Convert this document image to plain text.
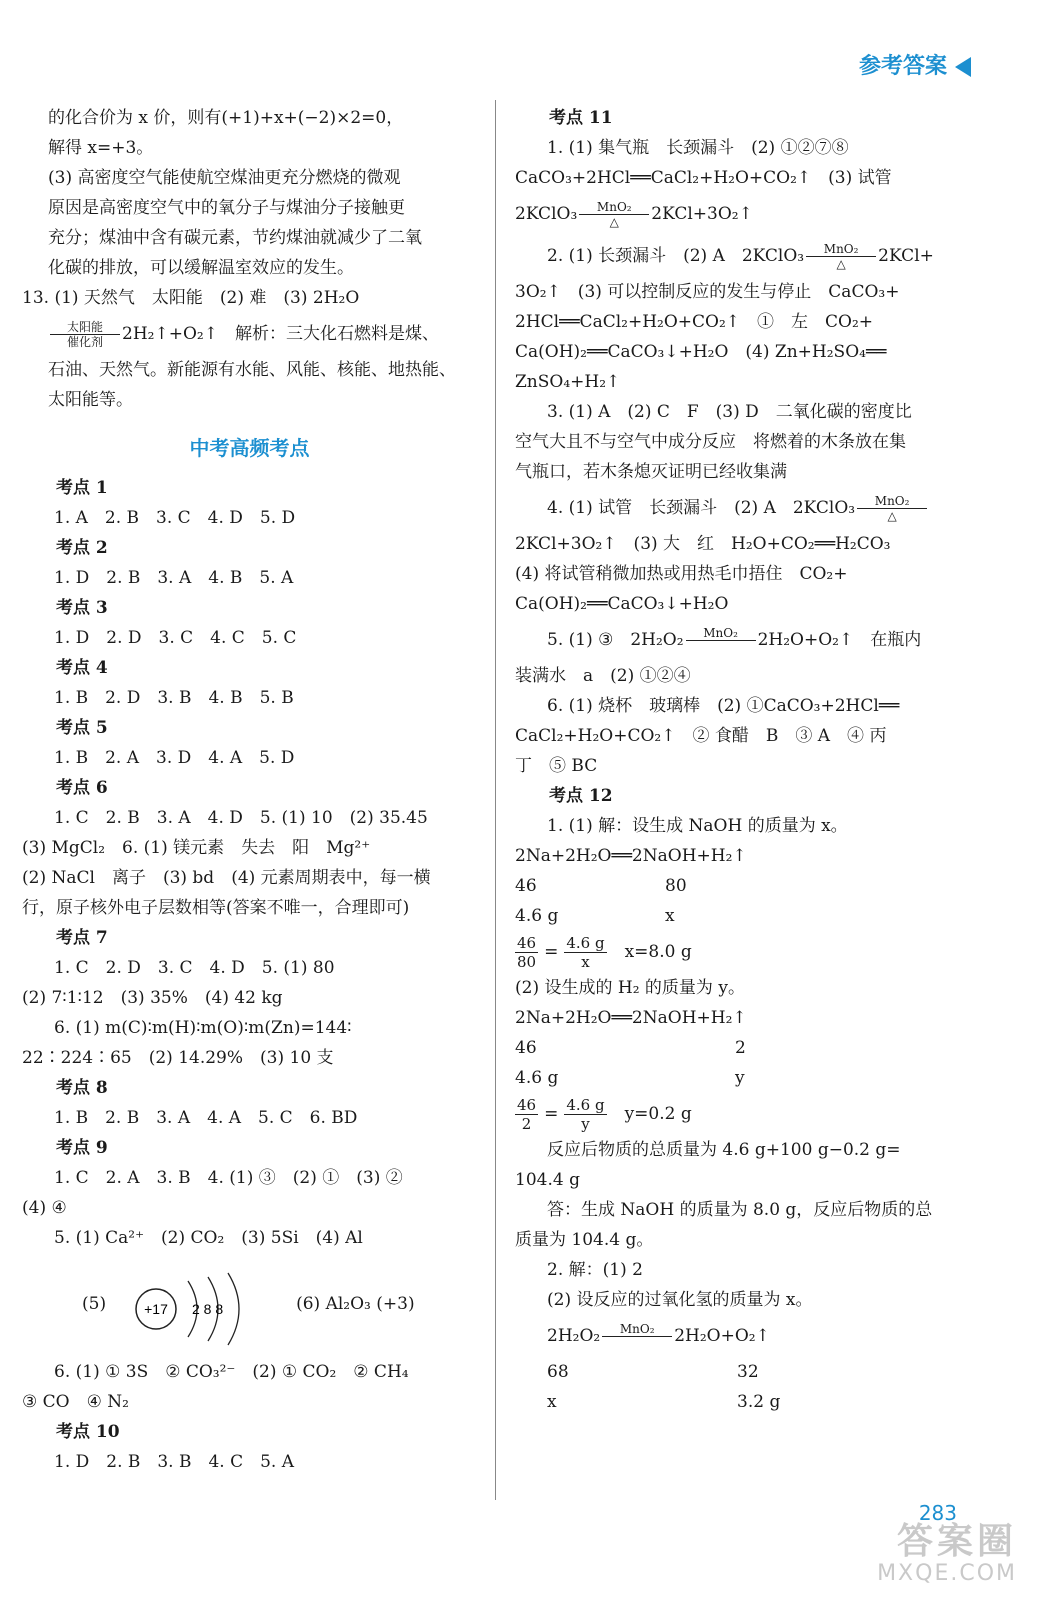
参考答案
的化合价为 x 价，则有(+1)+x+(−2)×2=0，
解得 x=+3。
(3) 高密度空气能使航空煤油更充分燃烧的微观
原因是高密度空气中的氧分子与煤油分子接触更
充分；煤油中含有碳元素，节约煤油就减少了二氧
化碳的排放，可以缓解温室效应的发生。
13. (1) 天然气　太阳能　(2) 难　(3) 2H₂O
太阳能
催化剂 2H₂↑+O₂↑　解析：三大化石燃料是煤、
石油、天然气。新能源有水能、风能、核能、地热能、
太阳能等。
中考高频考点
考点 1
1. A　2. B　3. C　4. D　5. D
考点 2
1. D　2. B　3. A　4. B　5. A
考点 3
1. D　2. D　3. C　4. C　5. C
考点 4
1. B　2. D　3. B　4. B　5. B
考点 5
1. B　2. A　3. D　4. A　5. D
考点 6
1. C　2. B　3. A　4. D　5. (1) 10　(2) 35.45
(3) MgCl₂　6. (1) 镁元素　失去　阳　Mg²⁺
(2) NaCl　离子　(3) bd　(4) 元素周期表中，每一横
行，原子核外电子层数相等(答案不唯一，合理即可)
考点 7
1. C　2. D　3. C　4. D　5. (1) 80
(2) 7∶1∶12　(3) 35%　(4) 42 kg
6. (1) m(C)∶m(H)∶m(O)∶m(Zn)=144∶
22∶224∶65　(2) 14.29%　(3) 10 支
考点 8
1. B　2. B　3. A　4. A　5. C　6. BD
考点 9
1. C　2. A　3. B　4. (1) ③　(2) ①　(3) ②
(4) ④
5. (1) Ca²⁺　(2) CO₂　(3) 5Si　(4) Al
(5)	+17 2 8 8	(6) Al₂O₃ (+3)
6. (1) ① 3S　② CO₃²⁻　(2) ① CO₂　② CH₄
③ CO　④ N₂
考点 10
1. D　2. B　3. B　4. C　5. A
考点 11
1. (1) 集气瓶　长颈漏斗　(2) ①②⑦⑧
CaCO₃+2HCl══CaCl₂+H₂O+CO₂↑　(3) 试管
2KClO₃ MnO₂
△ 2KCl+3O₂↑
2. (1) 长颈漏斗　(2) A　2KClO₃ MnO₂
△ 2KCl+
3O₂↑　(3) 可以控制反应的发生与停止　CaCO₃+
2HCl══CaCl₂+H₂O+CO₂↑　①　左　CO₂+
Ca(OH)₂══CaCO₃↓+H₂O　(4) Zn+H₂SO₄══
ZnSO₄+H₂↑
3. (1) A　(2) C　F　(3) D　二氧化碳的密度比
空气大且不与空气中成分反应　将燃着的木条放在集
气瓶口，若木条熄灭证明已经收集满
4. (1) 试管　长颈漏斗　(2) A　2KClO₃ MnO₂
△
2KCl+3O₂↑　(3) 大　红　H₂O+CO₂══H₂CO₃
(4) 将试管稍微加热或用热毛巾捂住　CO₂+
Ca(OH)₂══CaCO₃↓+H₂O
5. (1) ③　2H₂O₂ MnO₂ 2H₂O+O₂↑　在瓶内
装满水　a　(2) ①②④
6. (1) 烧杯　玻璃棒　(2) ①CaCO₃+2HCl══
CaCl₂+H₂O+CO₂↑　② 食醋　B　③ A　④ 丙
丁　⑤ BC
考点 12
1. (1) 解：设生成 NaOH 的质量为 x。
2Na+2H₂O══2NaOH+H₂↑
46	80
4.6 g	x
$\frac{46}{80} = \frac{4.6 g}{x} x=8.0$ g
(2) 设生成的 H₂ 的质量为 y。
2Na+2H₂O══2NaOH+H₂↑
46	2
4.6 g	y
$\frac{46}{2} = \frac{4.6 g}{y} y=0.2$ g
反应后物质的总质量为 4.6 g+100 g−0.2 g=
104.4 g
答：生成 NaOH 的质量为 8.0 g，反应后物质的总
质量为 104.4 g。
2. 解：(1) 2
(2) 设反应的过氧化氢的质量为 x。
2H₂O₂ MnO₂ 2H₂O+O₂↑
68	32
x	3.2 g
283
答案圈
MXQE.COM
